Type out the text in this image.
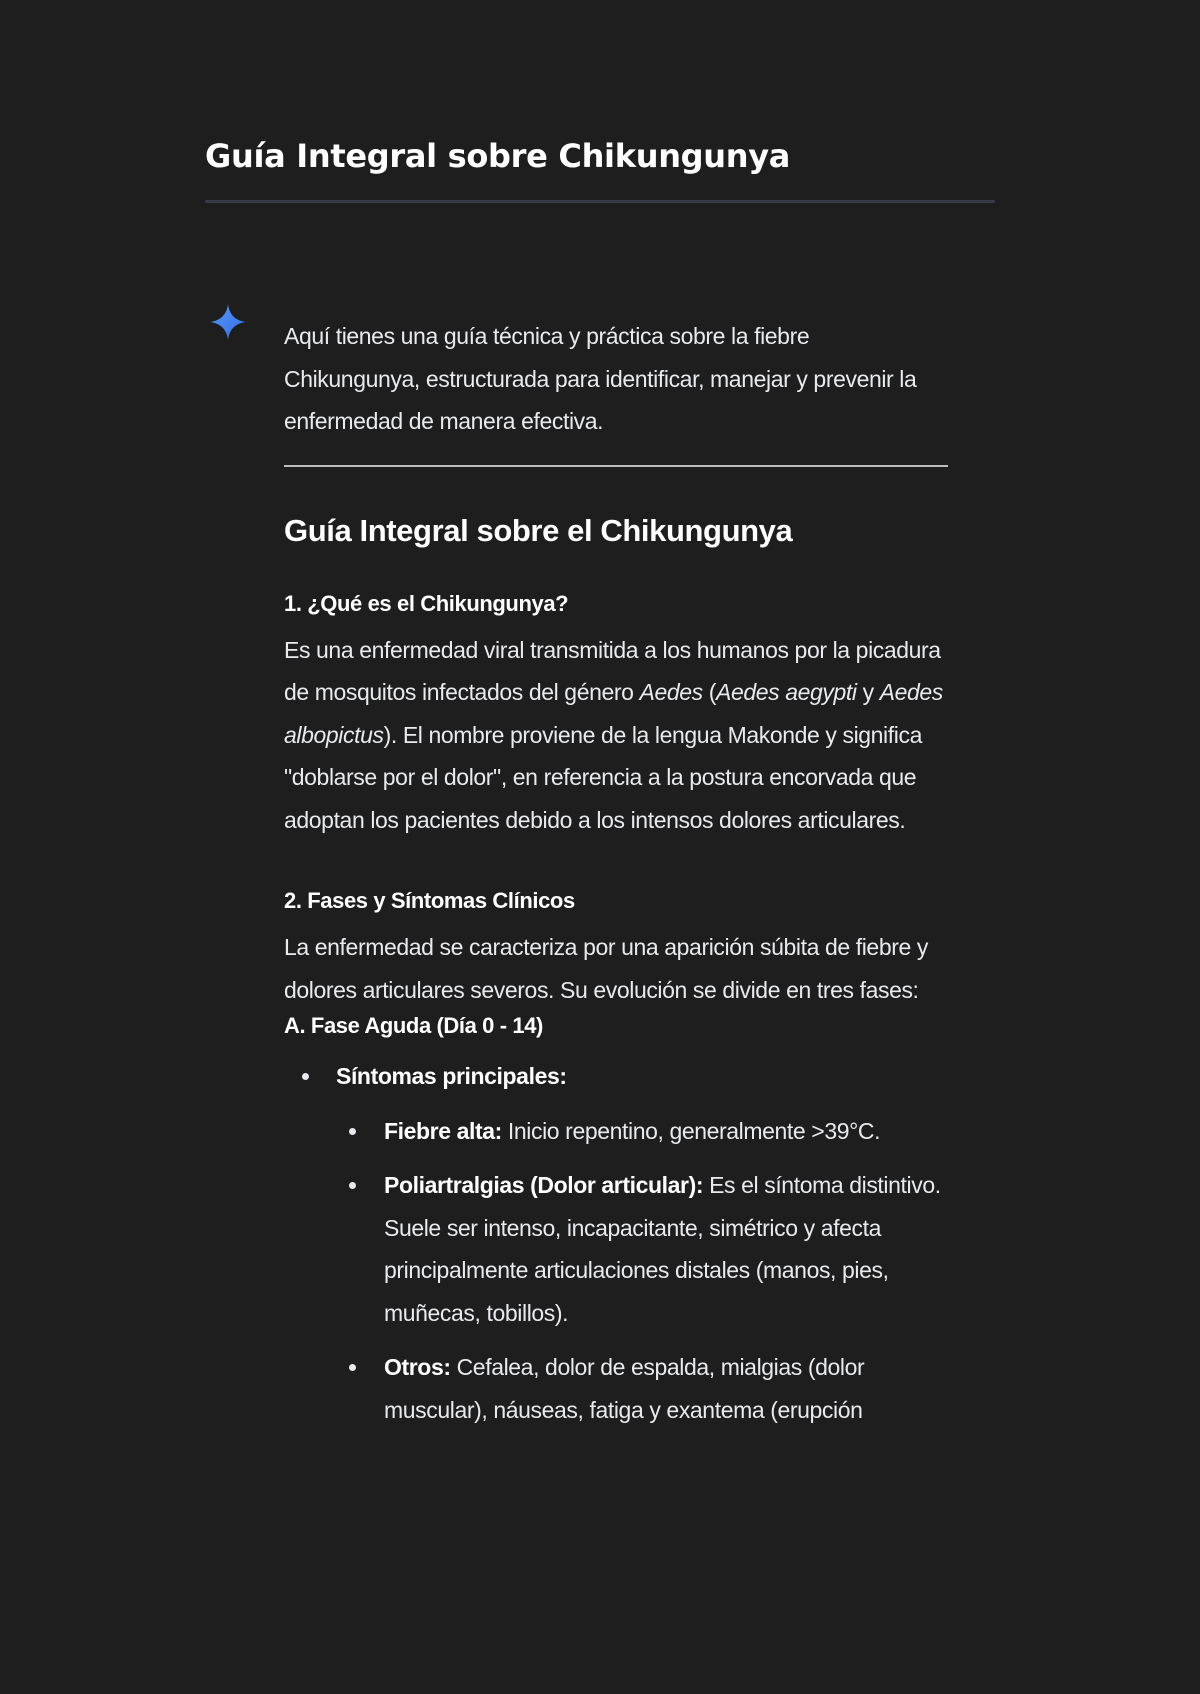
Guía Integral sobre Chikungunya

Aquí tienes una guía técnica y práctica sobre la fiebre Chikungunya, estructurada para identificar, manejar y prevenir la enfermedad de manera efectiva.

Guía Integral sobre el Chikungunya
1. ¿Qué es el Chikungunya?

Es una enfermedad viral transmitida a los humanos por la picadura de mosquitos infectados del género Aedes (Aedes aegypti y Aedes albopictus). El nombre proviene de la lengua Makonde y significa "doblarse por el dolor", en referencia a la postura encorvada que adoptan los pacientes debido a los intensos dolores articulares.

2. Fases y Síntomas Clínicos

La enfermedad se caracteriza por una aparición súbita de fiebre y dolores articulares severos. Su evolución se divide en tres fases:

A. Fase Aguda (Día 0 - 14)
Síntomas principales:
Fiebre alta: Inicio repentino, generalmente >39°C.
Poliartralgias (Dolor articular): Es el síntoma distintivo. Suele ser intenso, incapacitante, simétrico y afecta principalmente articulaciones distales (manos, pies, muñecas, tobillos).
Otros: Cefalea, dolor de espalda, mialgias (dolor muscular), náuseas, fatiga y exantema (erupción
